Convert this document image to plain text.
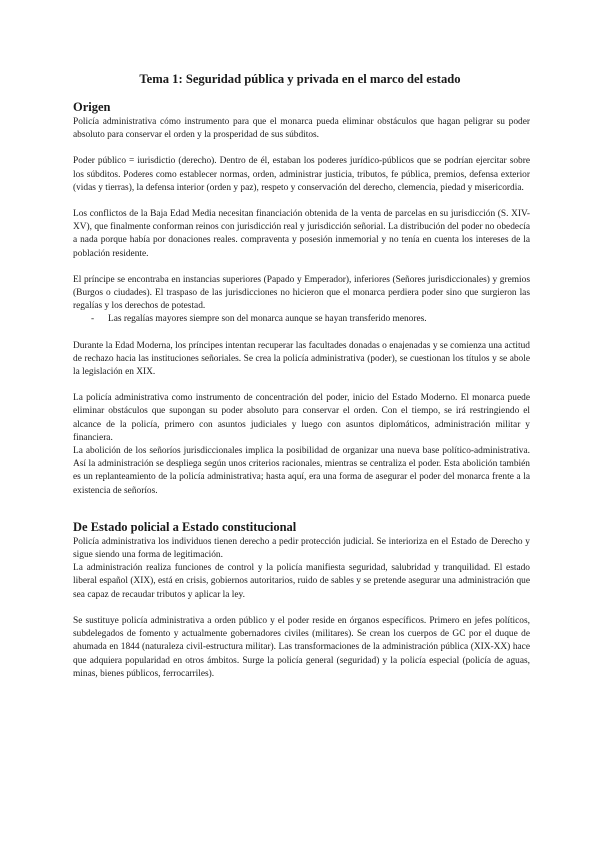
Tema 1: Seguridad pública y privada en el marco del estado
Origen

Policía administrativa cómo instrumento para que el monarca pueda eliminar obstáculos que hagan peligrar su poder absoluto para conservar el orden y la prosperidad de sus súbditos.

Poder público = iurisdictio (derecho). Dentro de él, estaban los poderes jurídico-públicos que se podrían ejercitar sobre los súbditos. Poderes como establecer normas, orden, administrar justicia, tributos, fe pública, premios, defensa exterior (vidas y tierras), la defensa interior (orden y paz), respeto y conservación del derecho, clemencia, piedad y misericordia.

Los conflictos de la Baja Edad Media necesitan financiación obtenida de la venta de parcelas en su jurisdicción (S. XIV-XV), que finalmente conforman reinos con jurisdicción real y jurisdicción señorial. La distribución del poder no obedecía a nada porque había por donaciones reales. compraventa y posesión inmemorial y no tenía en cuenta los intereses de la población residente.

El príncipe se encontraba en instancias superiores (Papado y Emperador), inferiores (Señores jurisdiccionales) y gremios (Burgos o ciudades). El traspaso de las jurisdicciones no hicieron que el monarca perdiera poder sino que surgieron las regalías y los derechos de potestad.

- Las regalías mayores siempre son del monarca aunque se hayan transferido menores.

Durante la Edad Moderna, los príncipes intentan recuperar las facultades donadas o enajenadas y se comienza una actitud de rechazo hacia las instituciones señoriales. Se crea la policía administrativa (poder), se cuestionan los títulos y se abole la legislación en XIX.

La policía administrativa como instrumento de concentración del poder, inicio del Estado Moderno. El monarca puede eliminar obstáculos que supongan su poder absoluto para conservar el orden. Con el tiempo, se irá restringiendo el alcance de la policía, primero con asuntos judiciales y luego con asuntos diplomáticos, administración militar y financiera.

La abolición de los señoríos jurisdiccionales implica la posibilidad de organizar una nueva base político-administrativa. Así la administración se despliega según unos criterios racionales, mientras se centraliza el poder. Esta abolición también es un replanteamiento de la policía administrativa; hasta aquí, era una forma de asegurar el poder del monarca frente a la existencia de señoríos.

De Estado policial a Estado constitucional

Policía administrativa los individuos tienen derecho a pedir protección judicial. Se interioriza en el Estado de Derecho y sigue siendo una forma de legitimación.

La administración realiza funciones de control y la policía manifiesta seguridad, salubridad y tranquilidad. El estado liberal español (XIX), está en crisis, gobiernos autoritarios, ruido de sables y se pretende asegurar una administración que sea capaz de recaudar tributos y aplicar la ley.

Se sustituye policía administrativa a orden público y el poder reside en órganos específicos. Primero en jefes políticos, subdelegados de fomento y actualmente gobernadores civiles (militares). Se crean los cuerpos de GC por el duque de ahumada en 1844 (naturaleza civil-estructura militar). Las transformaciones de la administración pública (XIX-XX) hace que adquiera popularidad en otros ámbitos. Surge la policía general (seguridad) y la policía especial (policía de aguas, minas, bienes públicos, ferrocarriles).
